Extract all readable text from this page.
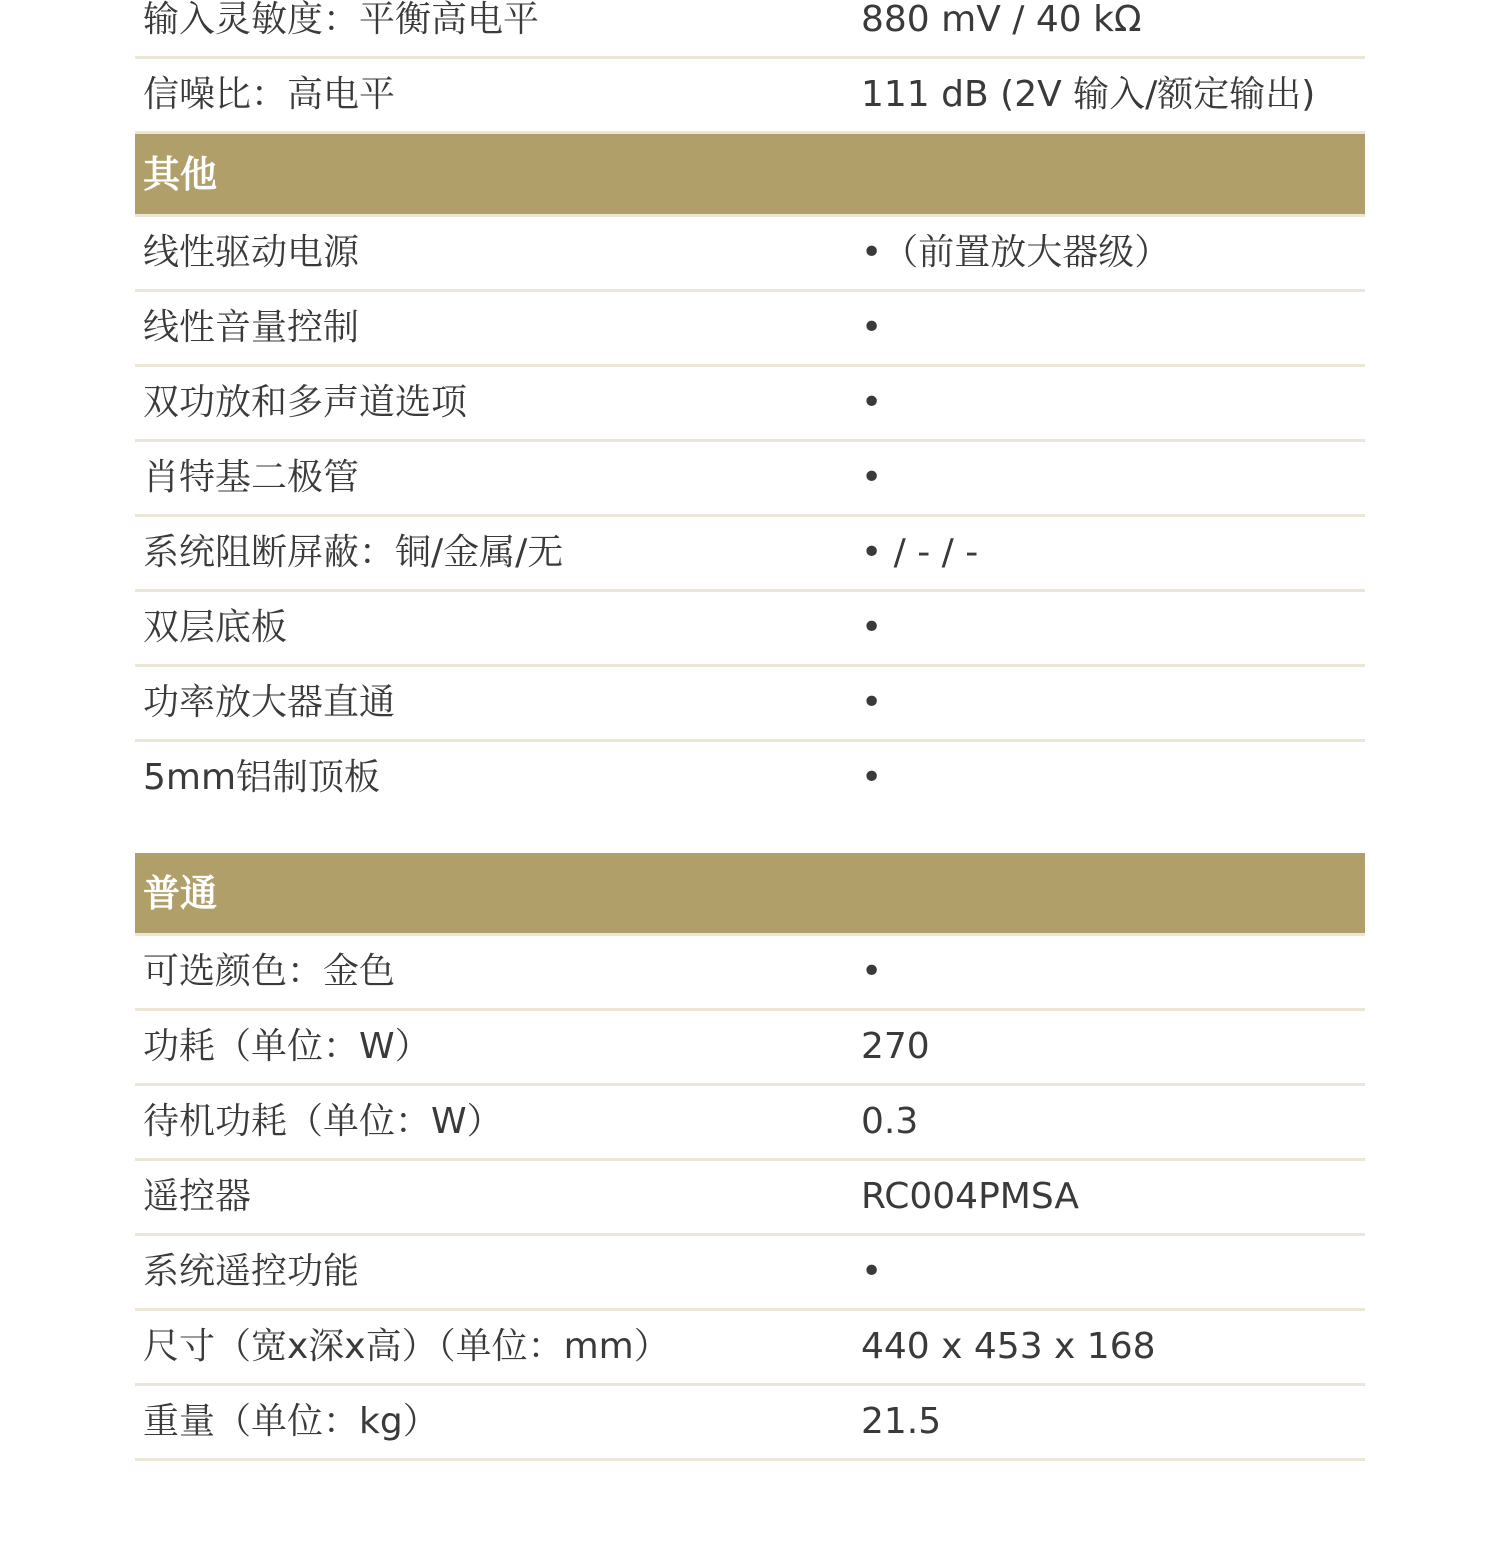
输入灵敏度：平衡高电平	880 mV / 40 kΩ
信噪比：高电平	111 dB (2V 输入/额定输出)
其他
线性驱动电源	•（前置放大器级）
线性音量控制	•
双功放和多声道选项	•
肖特基二极管	•
系统阻断屏蔽：铜/金属/无	• / - / -
双层底板	•
功率放大器直通	•
5mm铝制顶板	•
普通
可选颜色：金色	•
功耗（单位：W）	270
待机功耗（单位：W）	0.3
遥控器	RC004PMSA
系统遥控功能	•
尺寸（宽x深x高）（单位：mm）	440 x 453 x 168
重量（单位：kg）	21.5
